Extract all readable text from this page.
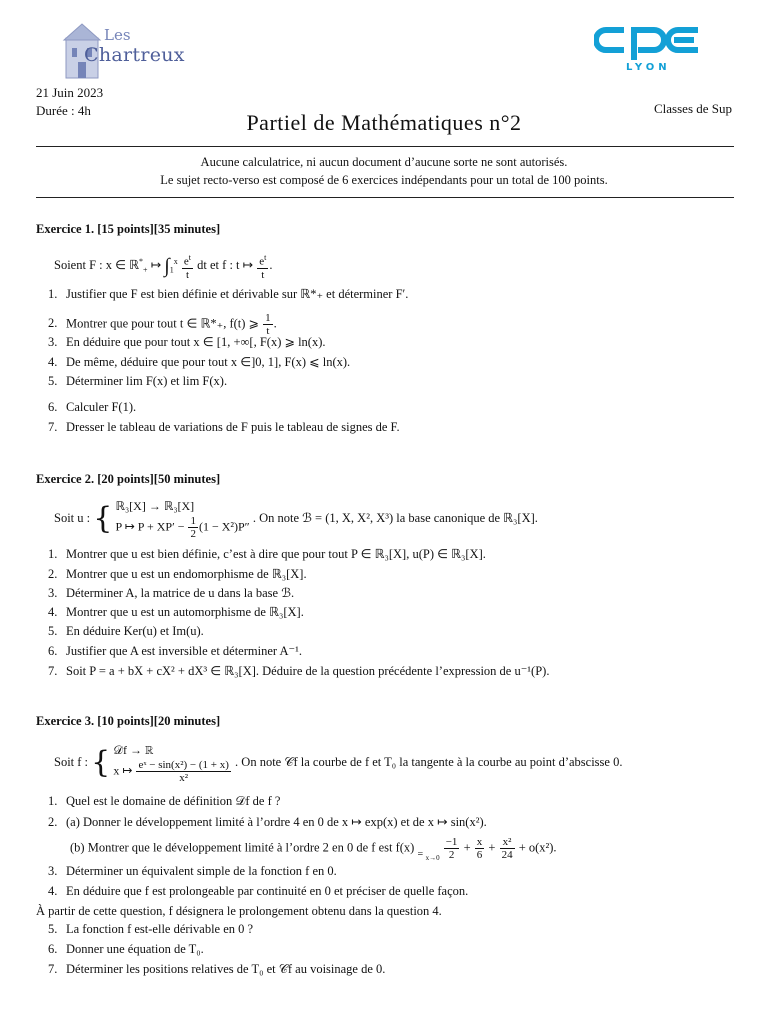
Les
Chartreux
LYON
21 Juin 2023
Durée : 4h	Classes de Sup
Partiel de Mathématiques n°2
Aucune calculatrice, ni aucun document d’aucune sorte ne sont autorisés.
Le sujet recto-verso est composé de 6 exercices indépendants pour un total de 100 points.
Exercice 1. [15 points][35 minutes]
Soient F : x ∈ ℝ*$_+$ ↦ $\int_1^x \frac{e^t}{t}$ dt et f : t ↦ $\frac{e^t}{t}$ .
1. Justifier que F est bien définie et dérivable sur ℝ*₊ et déterminer F′.
2. Montrer que pour tout t ∈ ℝ*₊, f(t) ⩾ $\frac{1}{t}$ .
3. En déduire que pour tout x ∈ [1, +∞[, F(x) ⩾ ln(x).
4. De même, déduire que pour tout x ∈]0, 1], F(x) ⩽ ln(x).
5. Déterminer lim F(x) et lim F(x).
6. Calculer F(1).
7. Dresser le tableau de variations de F puis le tableau de signes de F.
Exercice 2. [20 points][50 minutes]
Soit u : { ℝ₃[X] → ℝ₃[X]
P ↦ $P + XP' - \frac{1}{2} (1 - X^2)P''$
. On note ℬ = (1, X, X², X³) la base canonique de ℝ₃[X].
1. Montrer que u est bien définie, c’est à dire que pour tout P ∈ ℝ₃[X], u(P) ∈ ℝ₃[X].
2. Montrer que u est un endomorphisme de ℝ₃[X].
3. Déterminer A, la matrice de u dans la base ℬ.
4. Montrer que u est un automorphisme de ℝ₃[X].
5. En déduire Ker(u) et Im(u).
6. Justifier que A est inversible et déterminer A⁻¹.
7. Soit P = a + bX + cX² + dX³ ∈ ℝ₃[X]. Déduire de la question précédente l’expression de u⁻¹(P).
Exercice 3. [10 points][20 minutes]
Soit f : { 𝒟f → ℝ
x ↦ $\frac{\text{eˣ − sin(x²) − (1 + x)}}{\text{x²}}$ . On note 𝒞f la courbe de f et T₀ la tangente à la courbe au point d’abscisse 0.
1. Quel est le domaine de définition 𝒟f de f ?
2. (a) Donner le développement limité à l’ordre 4 en 0 de x ↦ exp(x) et de x ↦ sin(x²).
(b) Montrer que le développement limité à l’ordre 2 en 0 de f est f(x) $_{= _{x\to 0}} \frac{-1}{2} + \frac{x}{6} + \frac{\text{x²}}{24} + o(x^2)$.
3. Déterminer un équivalent simple de la fonction f en 0.
4. En déduire que f est prolongeable par continuité en 0 et préciser de quelle façon.
À partir de cette question, f désignera le prolongement obtenu dans la question 4.
5. La fonction f est-elle dérivable en 0 ?
6. Donner une équation de T₀.
7. Déterminer les positions relatives de T₀ et 𝒞f au voisinage de 0.
